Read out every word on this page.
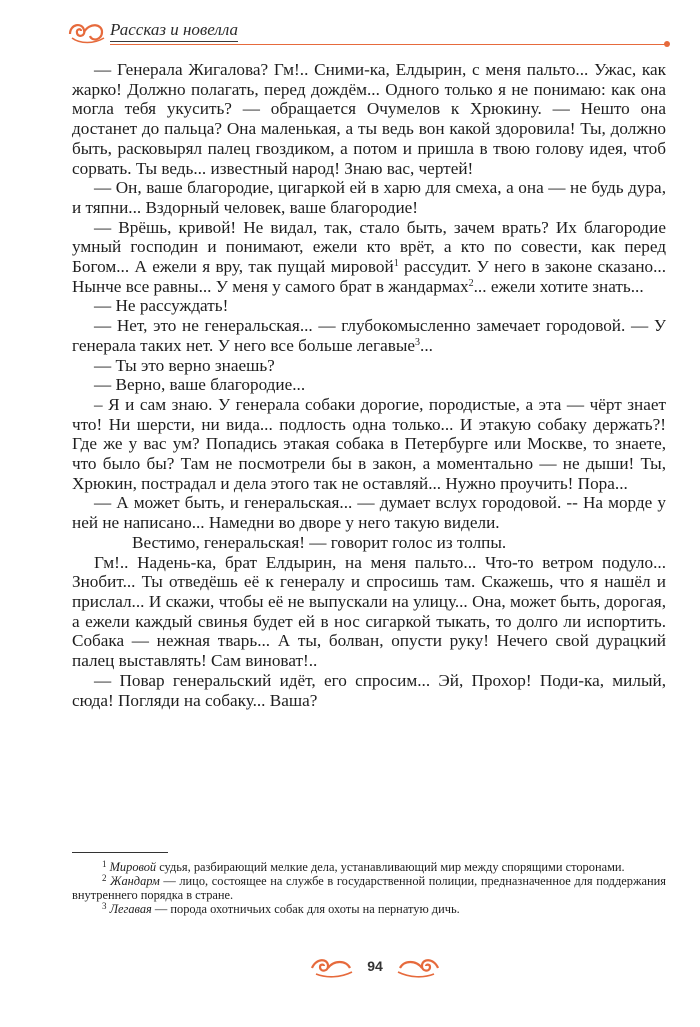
Рассказ и новелла

— Генерала Жигалова? Гм!.. Сними-ка, Елдырин, с меня пальто... Ужас, как жарко! Должно полагать, перед дождём... Одного только я не понимаю: как она могла тебя укусить? — обращается Очумелов к Хрюкину. — Нешто она достанет до пальца? Она маленькая, а ты ведь вон какой здоровила! Ты, должно быть, расковырял палец гвоздиком, а потом и пришла в твою голову идея, чтоб сорвать. Ты ведь... известный народ! Знаю вас, чертей!

— Он, ваше благородие, цигаркой ей в харю для смеха, а она — не будь дура, и тяпни... Вздорный человек, ваше благородие!

— Врёшь, кривой! Не видал, так, стало быть, зачем врать? Их благородие умный господин и понимают, ежели кто врёт, а кто по совести, как перед Богом... А ежели я вру, так пущай мировой$^1$ рассудит. У него в законе сказано... Нынче все равны... У меня у самого брат в жандармах$^2$... ежели хотите знать...

— Не рассуждать!

— Нет, это не генеральская... — глубокомысленно замечает городовой. — У генерала таких нет. У него все больше легавые$^3$...

— Ты это верно знаешь?

— Верно, ваше благородие...

– Я и сам знаю. У генерала собаки дорогие, породистые, а эта — чёрт знает что! Ни шерсти, ни вида... подлость одна только... И этакую собаку держать?! Где же у вас ум? Попадись этакая собака в Петербурге или Москве, то знаете, что было бы? Там не посмотрели бы в закон, а моментально — не дыши! Ты, Хрюкин, пострадал и дела этого так не оставляй... Нужно проучить! Пора...

— А может быть, и генеральская... — думает вслух городовой. -- На морде у ней не написано... Намедни во дворе у него такую видели.

Вестимо, генеральская! — говорит голос из толпы.

Гм!.. Надень-ка, брат Елдырин, на меня пальто... Что-то ветром подуло... Знобит... Ты отведёшь её к генералу и спросишь там. Скажешь, что я нашёл и прислал... И скажи, чтобы её не выпускали на улицу... Она, может быть, дорогая, а ежели каждый свинья будет ей в нос сигаркой тыкать, то долго ли испортить. Собака — нежная тварь... А ты, болван, опусти руку! Нечего свой дурацкий палец выставлять! Сам виноват!..

— Повар генеральский идёт, его спросим... Эй, Прохор! Поди-ка, милый, сюда! Погляди на собаку... Ваша?

$^1$ Мировой судья, разбирающий мелкие дела, устанавливающий мир между спорящими сторонами.

$^2$ Жандарм — лицо, состоящее на службе в государственной полиции, предназначенное для поддержания внутреннего порядка в стране.

$^3$ Легавая — порода охотничьих собак для охоты на пернатую дичь.

94
